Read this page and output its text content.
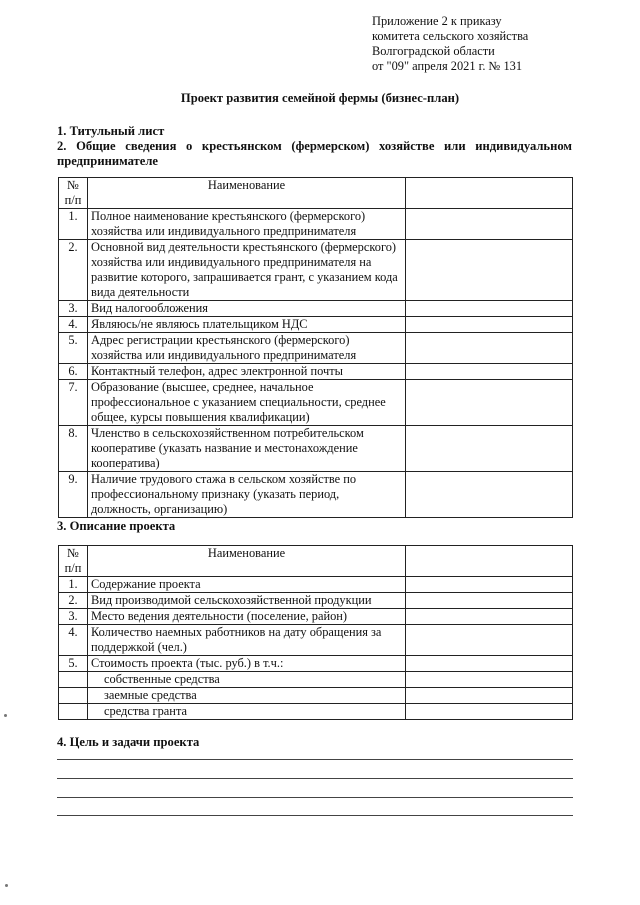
Приложение 2 к приказу
комитета сельского хозяйства
Волгоградской области
от "09" апреля 2021 г. № 131
Проект развития семейной фермы (бизнес-план)
1. Титульный лист
2. Общие сведения о крестьянском (фермерском) хозяйстве или индивидуальном предпринимателе
№
п/п	Наименование	
1.	Полное наименование крестьянского (фермерского) хозяйства или индивидуального предпринимателя	
2.	Основной вид деятельности крестьянского (фермерского) хозяйства или индивидуального предпринимателя на развитие которого, запрашивается грант, с указанием кода вида деятельности	
3.	Вид налогообложения	
4.	Являюсь/не являюсь плательщиком НДС	
5.	Адрес регистрации крестьянского (фермерского) хозяйства или индивидуального предпринимателя	
6.	Контактный телефон, адрес электронной почты	
7.	Образование (высшее, среднее, начальное профессиональное с указанием специальности, среднее общее, курсы повышения квалификации)	
8.	Членство в сельскохозяйственном потребительском кооперативе (указать название и местонахождение кооператива)	
9.	Наличие трудового стажа в сельском хозяйстве по профессиональному признаку (указать период, должность, организацию)	
3. Описание проекта
№
п/п	Наименование	
1.	Содержание проекта	
2.	Вид производимой сельскохозяйственной продукции	
3.	Место ведения деятельности (поселение, район)	
4.	Количество наемных работников на дату обращения за поддержкой (чел.)	
5.	Стоимость проекта (тыс. руб.) в т.ч.:	
	собственные средства	
	заемные средства	
	средства гранта	
4. Цель и задачи проекта
